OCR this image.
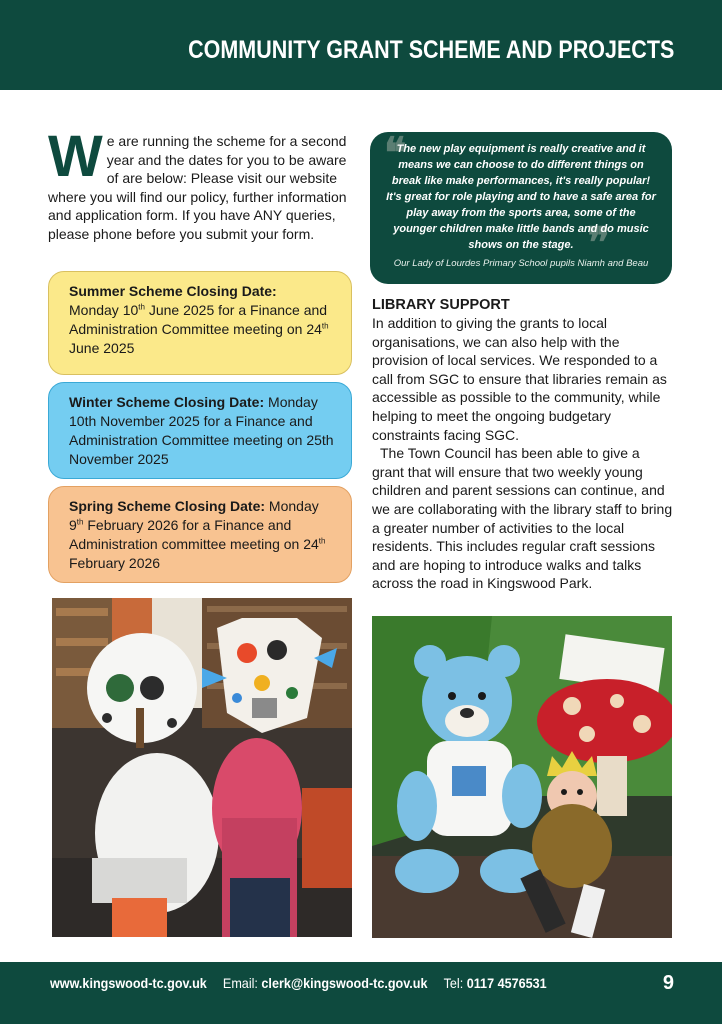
COMMUNITY GRANT SCHEME AND PROJECTS
We are running the scheme for a second year and the dates for you to be aware of are below: Please visit our website where you will find our policy, further information and application form. If you have ANY queries, please phone before you submit your form.
Summer Scheme Closing Date:
Monday 10th June 2025 for a Finance and Administration Committee meeting on 24th June 2025
Winter Scheme Closing Date: Monday 10th November 2025 for a Finance and Administration Committee meeting on 25th November 2025
Spring Scheme Closing Date: Monday 9th February 2026 for a Finance and Administration committee meeting on 24th February 2026
❝
❞
The new play equipment is really creative and it means we can choose to do different things on break like make performances, it's really popular! It's great for role playing and to have a safe area for play away from the sports area, some of the younger children make little bands and do music shows on the stage.
Our Lady of Lourdes Primary School pupils Niamh and Beau
LIBRARY SUPPORT

In addition to giving the grants to local organisations, we can also help with the provision of local services. We responded to a call from SGC to ensure that libraries remain as accessible as possible to the community, while helping to meet the ongoing budgetary constraints facing SGC.

The Town Council has been able to give a grant that will ensure that two weekly young children and parent sessions can continue, and we are collaborating with the library staff to bring a greater number of activities to the local residents. This includes regular craft sessions and are hoping to introduce walks and talks across the road in Kingswood Park.

www.kingswood-tc.gov.uk Email: clerk@kingswood-tc.gov.uk Tel: 0117 4576531	9
